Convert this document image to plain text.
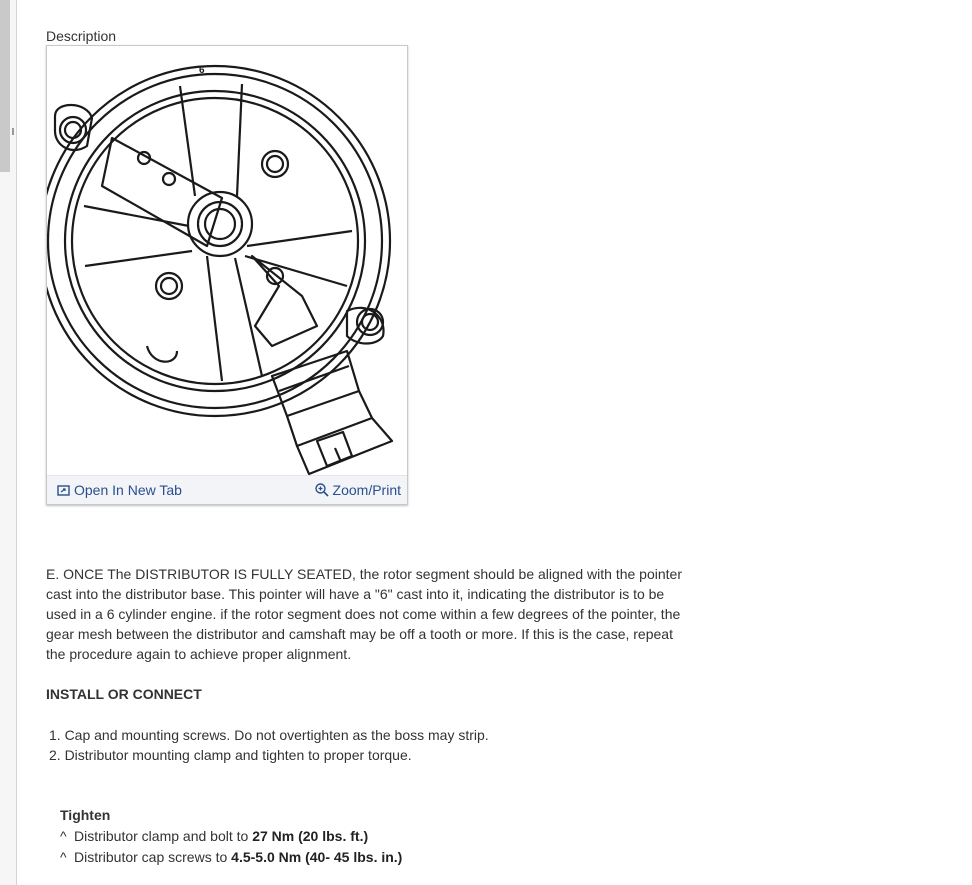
Description
6
Open In New Tab	Zoom/Print
E. ONCE The DISTRIBUTOR IS FULLY SEATED, the rotor segment should be aligned with the pointer cast into the distributor base. This pointer will have a "6" cast into it, indicating the distributor is to be used in a 6 cylinder engine. if the rotor segment does not come within a few degrees of the pointer, the gear mesh between the distributor and camshaft may be off a tooth or more. If this is the case, repeat the procedure again to achieve proper alignment.
INSTALL OR CONNECT
1. Cap and mounting screws. Do not overtighten as the boss may strip.
2. Distributor mounting clamp and tighten to proper torque.
Tighten
^ Distributor clamp and bolt to 27 Nm (20 lbs. ft.)
^ Distributor cap screws to 4.5-5.0 Nm (40- 45 lbs. in.)
